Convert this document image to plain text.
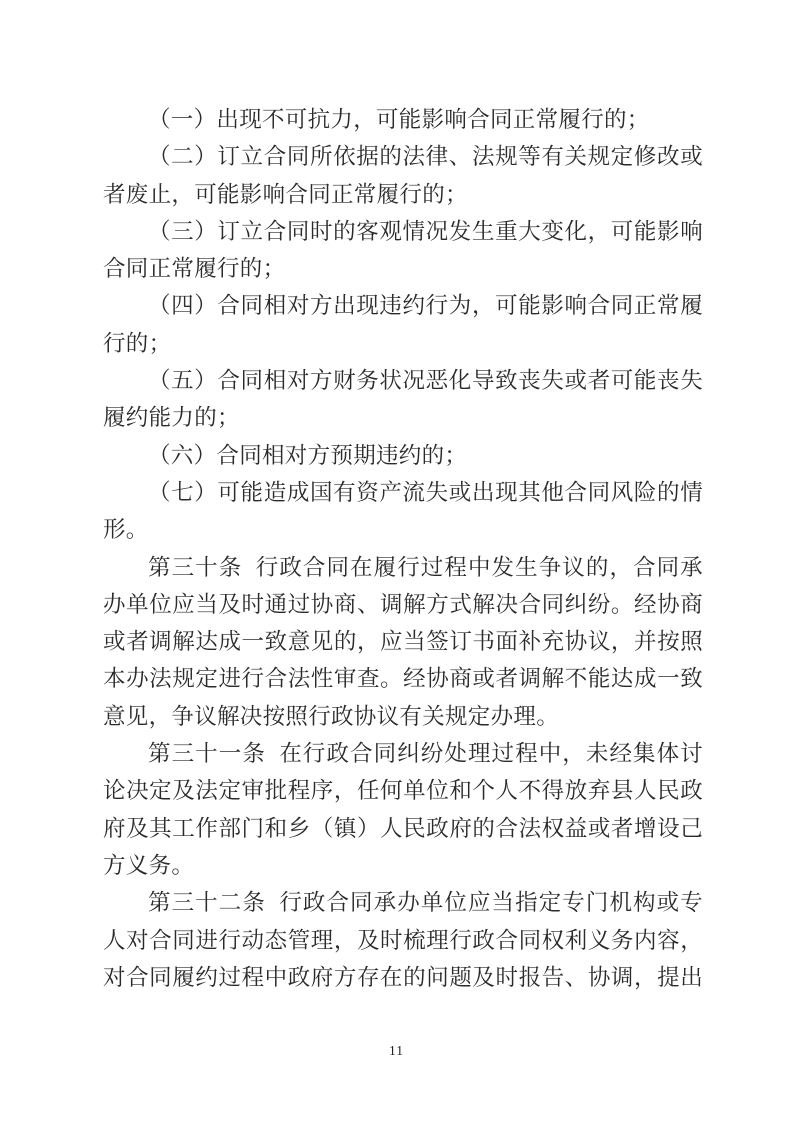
（一）出现不可抗力，可能影响合同正常履行的；
（二）订立合同所依据的法律、法规等有关规定修改或
者废止，可能影响合同正常履行的；
（三）订立合同时的客观情况发生重大变化，可能影响
合同正常履行的；
（四）合同相对方出现违约行为，可能影响合同正常履
行的；
（五）合同相对方财务状况恶化导致丧失或者可能丧失
履约能力的；
（六）合同相对方预期违约的；
（七）可能造成国有资产流失或出现其他合同风险的情
形。
第三十条  行政合同在履行过程中发生争议的，合同承
办单位应当及时通过协商、调解方式解决合同纠纷。经协商
或者调解达成一致意见的，应当签订书面补充协议，并按照
本办法规定进行合法性审查。经协商或者调解不能达成一致
意见，争议解决按照行政协议有关规定办理。
第三十一条  在行政合同纠纷处理过程中，未经集体讨
论决定及法定审批程序，任何单位和个人不得放弃县人民政
府及其工作部门和乡（镇）人民政府的合法权益或者增设己
方义务。
第三十二条  行政合同承办单位应当指定专门机构或专
人对合同进行动态管理，及时梳理行政合同权利义务内容，
对合同履约过程中政府方存在的问题及时报告、协调，提出
11
